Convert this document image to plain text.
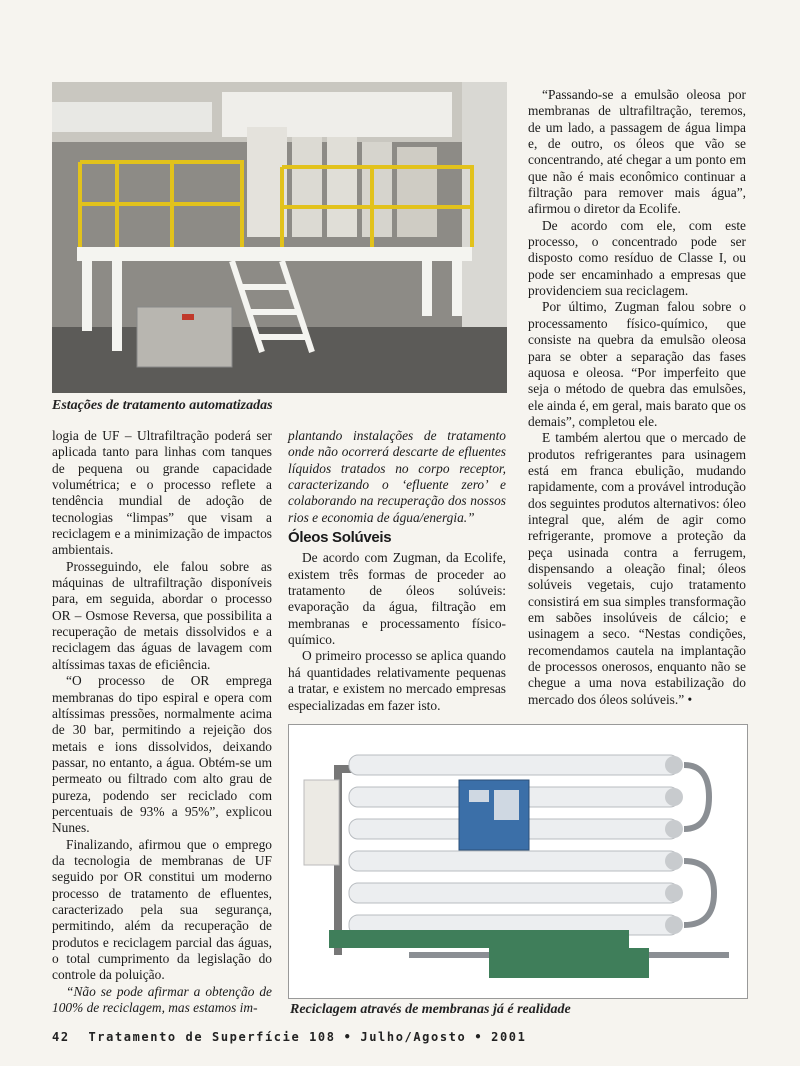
Estações de tratamento automatizadas

logia de UF – Ultrafiltração poderá ser aplicada tanto para linhas com tanques de pequena ou grande capacidade volumétrica; e o processo reflete a tendência mundial de adoção de tecnologias “limpas” que visam a reciclagem e a minimização de impactos ambientais.

Prosseguindo, ele falou sobre as máquinas de ultrafiltração disponíveis para, em seguida, abordar o processo OR – Osmose Reversa, que possibilita a recuperação de metais dissolvidos e a reciclagem das águas de lavagem com altíssimas taxas de eficiência.

“O processo de OR emprega membranas do tipo espiral e opera com altíssimas pressões, normalmente acima de 30 bar, permitindo a rejeição dos metais e ions dissolvidos, deixando passar, no entanto, a água. Obtém-se um permeato ou filtrado com alto grau de pureza, podendo ser reciclado com percentuais de 93% a 95%”, explicou Nunes.

Finalizando, afirmou que o emprego da tecnologia de membranas de UF seguido por OR constitui um moderno processo de tratamento de efluentes, caracterizado pela sua segurança, permitindo, além da recuperação de produtos e reciclagem parcial das águas, o total cumprimento da legislação do controle da poluição.

“Não se pode afirmar a obtenção de 100% de reciclagem, mas estamos im-

plantando instalações de tratamento onde não ocorrerá descarte de efluentes líquidos tratados no corpo receptor, caracterizando o ‘efluente zero’ e colaborando na recuperação dos nossos rios e economia de água/energia.”

Óleos Solúveis

De acordo com Zugman, da Ecolife, existem três formas de proceder ao tratamento de óleos solúveis: evaporação da água, filtração em membranas e processamento físico-químico.

O primeiro processo se aplica quando há quantidades relativamente pequenas a tratar, e existem no mercado empresas especializadas em fazer isto.

“Passando-se a emulsão oleosa por membranas de ultrafiltração, teremos, de um lado, a passagem de água limpa e, de outro, os óleos que vão se concentrando, até chegar a um ponto em que não é mais econômico continuar a filtração para remover mais água”, afirmou o diretor da Ecolife.

De acordo com ele, com este processo, o concentrado pode ser disposto como resíduo de Classe I, ou pode ser encaminhado a empresas que providenciem sua reciclagem.

Por último, Zugman falou sobre o processamento físico-químico, que consiste na quebra da emulsão oleosa para se obter a separação das fases aquosa e oleosa. “Por imperfeito que seja o método de quebra das emulsões, ele ainda é, em geral, mais barato que os demais”, completou ele.

E também alertou que o mercado de produtos refrigerantes para usinagem está em franca ebulição, mudando rapidamente, com a provável introdução dos seguintes produtos alternativos: óleo integral que, além de agir como refrigerante, promove a proteção da peça usinada contra a ferrugem, dispensando a oleação final; óleos solúveis vegetais, cujo tratamento consistirá em sua simples transformação em sabões insolúveis de cálcio; e usinagem a seco. “Nestas condições, recomendamos cautela na implantação de processos onerosos, enquanto não se chegue a uma nova estabilização do mercado dos óleos solúveis.” •

Reciclagem através de membranas já é realidade
42 Tratamento de Superfície 108 • Julho/Agosto • 2001
